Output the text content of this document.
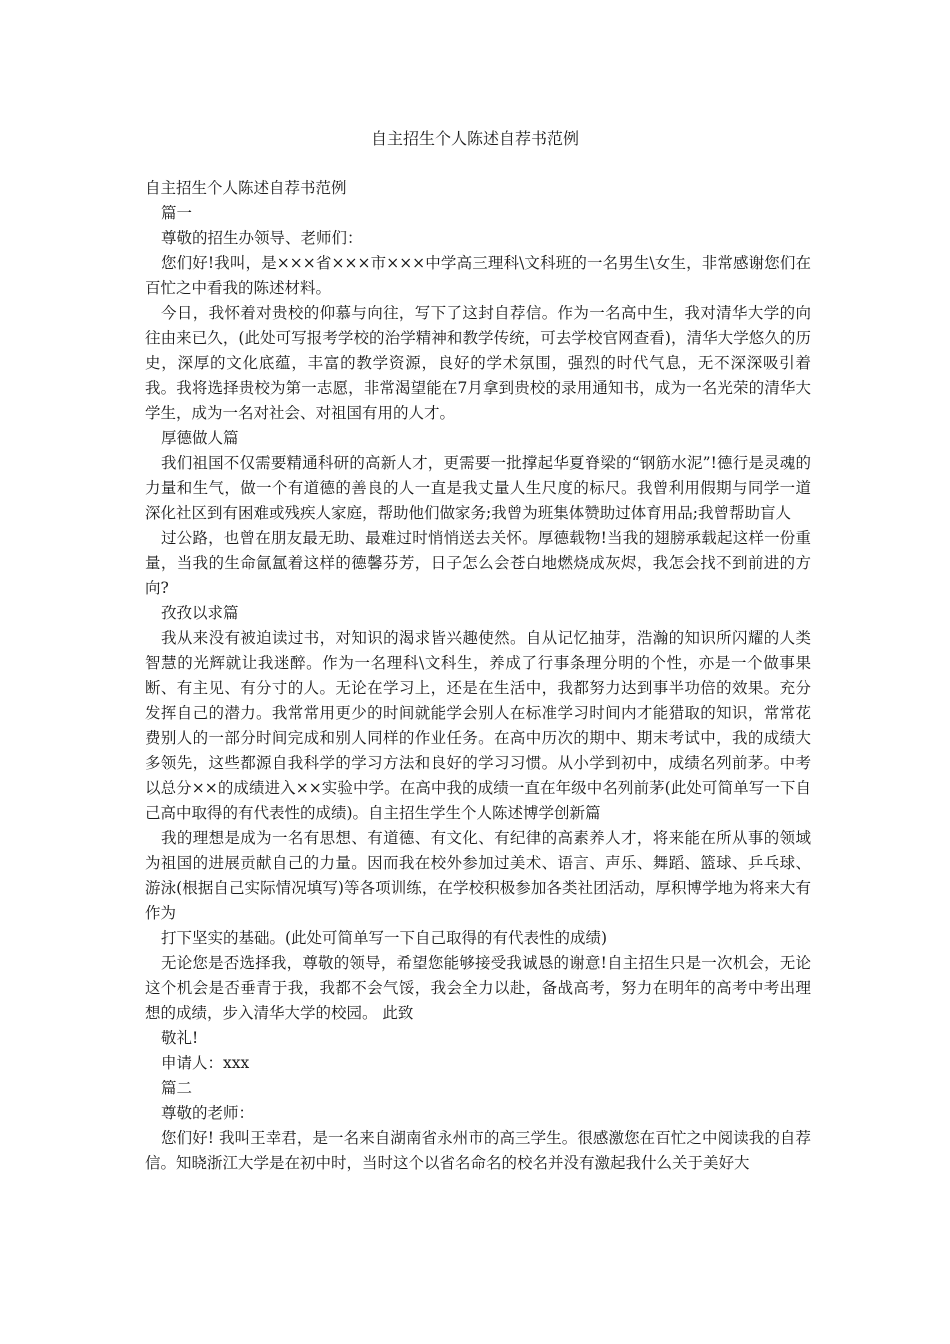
自主招生个人陈述自荐书范例

自主招生个人陈述自荐书范例

篇一

尊敬的招生办领导、老师们：

您们好!我叫，是×××省×××市×××中学高三理科\文科班的一名男生\女生，非常感谢您们在百忙之中看我的陈述材料。

今日，我怀着对贵校的仰慕与向往，写下了这封自荐信。作为一名高中生，我对清华大学的向往由来已久，(此处可写报考学校的治学精神和教学传统，可去学校官网查看)，清华大学悠久的历史，深厚的文化底蕴，丰富的教学资源，良好的学术氛围，强烈的时代气息，无不深深吸引着我。我将选择贵校为第一志愿，非常渴望能在7月拿到贵校的录用通知书，成为一名光荣的清华大学生，成为一名对社会、对祖国有用的人才。

厚德做人篇

我们祖国不仅需要精通科研的高新人才，更需要一批撑起华夏脊梁的“钢筋水泥”!德行是灵魂的力量和生气，做一个有道德的善良的人一直是我丈量人生尺度的标尺。我曾利用假期与同学一道深化社区到有困难或残疾人家庭，帮助他们做家务;我曾为班集体赞助过体育用品;我曾帮助盲人

过公路，也曾在朋友最无助、最难过时悄悄送去关怀。厚德载物!当我的翅膀承载起这样一份重量，当我的生命氤氲着这样的德馨芬芳，日子怎么会苍白地燃烧成灰烬，我怎会找不到前进的方向?

孜孜以求篇

我从来没有被迫读过书，对知识的渴求皆兴趣使然。自从记忆抽芽，浩瀚的知识所闪耀的人类智慧的光辉就让我迷醉。作为一名理科\文科生，养成了行事条理分明的个性，亦是一个做事果断、有主见、有分寸的人。无论在学习上，还是在生活中，我都努力达到事半功倍的效果。充分发挥自己的潜力。我常常用更少的时间就能学会别人在标准学习时间内才能猎取的知识，常常花费别人的一部分时间完成和别人同样的作业任务。在高中历次的期中、期末考试中，我的成绩大多领先，这些都源自我科学的学习方法和良好的学习习惯。从小学到初中，成绩名列前茅。中考以总分××的成绩进入××实验中学。在高中我的成绩一直在年级中名列前茅(此处可简单写一下自己高中取得的有代表性的成绩)。自主招生学生个人陈述博学创新篇

我的理想是成为一名有思想、有道德、有文化、有纪律的高素养人才，将来能在所从事的领域为祖国的进展贡献自己的力量。因而我在校外参加过美术、语言、声乐、舞蹈、篮球、乒乓球、游泳(根据自己实际情况填写)等各项训练，在学校积极参加各类社团活动，厚积博学地为将来大有作为

打下坚实的基础。(此处可简单写一下自己取得的有代表性的成绩)

无论您是否选择我，尊敬的领导，希望您能够接受我诚恳的谢意!自主招生只是一次机会，无论这个机会是否垂青于我，我都不会气馁，我会全力以赴，备战高考，努力在明年的高考中考出理想的成绩，步入清华大学的校园。 此致

敬礼!

申请人：xxx

篇二

尊敬的老师：

您们好! 我叫王幸君，是一名来自湖南省永州市的高三学生。很感激您在百忙之中阅读我的自荐 信。知晓浙江大学是在初中时，当时这个以省名命名的校名并没有激起我什么关于美好大
